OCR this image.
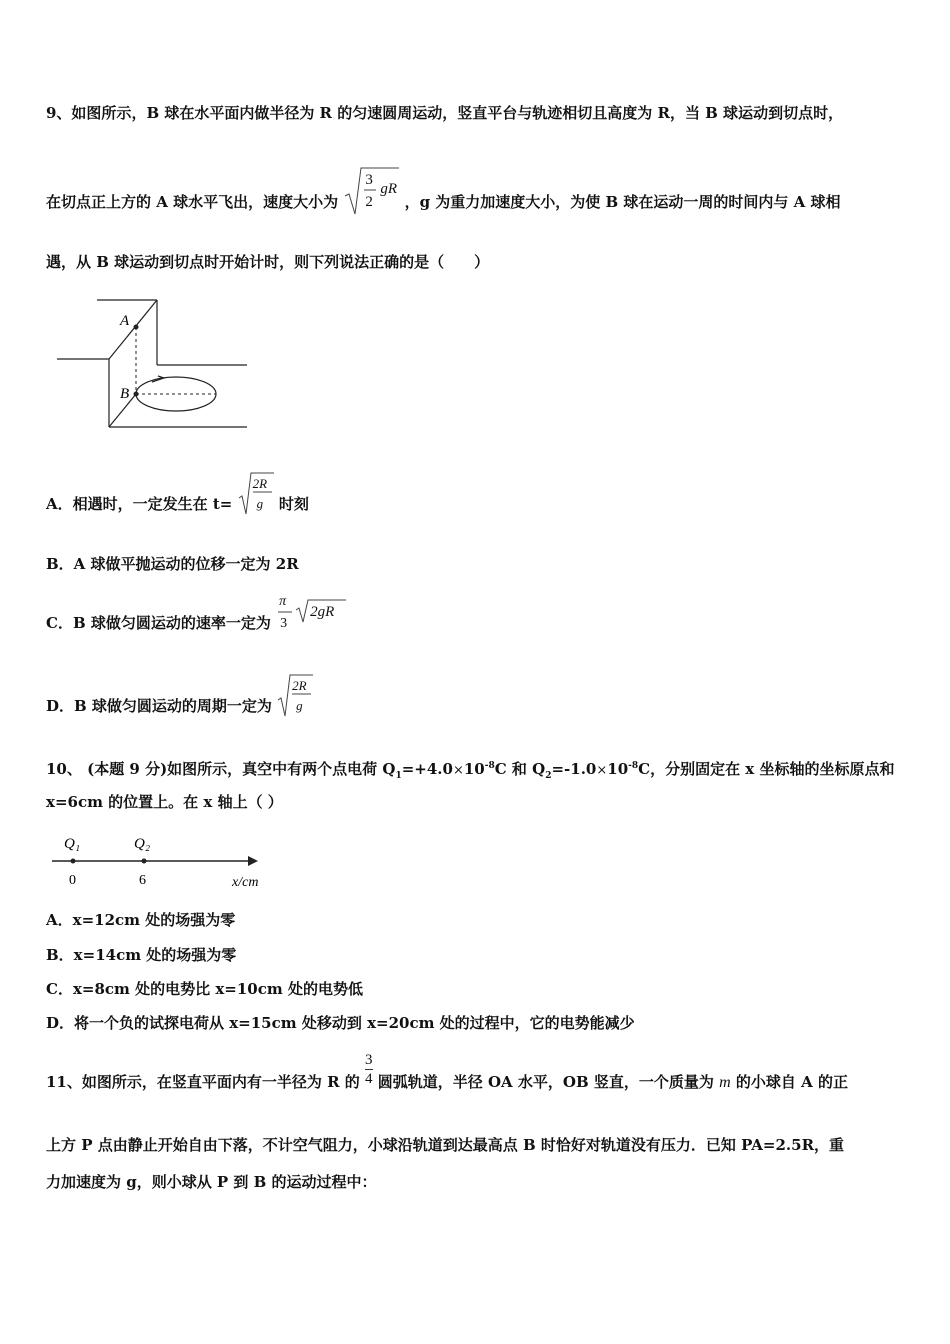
9、如图所示，B 球在水平面内做半径为 R 的匀速圆周运动，竖直平台与轨迹相切且高度为 R，当 B 球运动到切点时，
在切点正上方的 A 球水平飞出，速度大小为
3
2
gR
，g 为重力加速度大小，为使 B 球在运动一周的时间内与 A 球相
遇，从 B 球运动到切点时开始计时，则下列说法正确的是（　　）
A
B
A．相遇时，一定发生在 t=
2R
g 时刻
B．A 球做平抛运动的位移一定为 2R
C．B 球做匀圆运动的速率一定为
π
3
2gR
D．B 球做匀圆运动的周期一定为
2R
g
10、 (本题 9 分)如图所示，真空中有两个点电荷 $Q_1=+4.0\times 10^{-8}C$ 和 $Q_2=-1.0\times 10^{-8}C$，分别固定在 x 坐标轴的坐标原点和
x=6cm 的位置上。在 x 轴上（ ）
Q₁	Q₂
0	6	x/cm
A．x=12cm 处的场强为零
B．x=14cm 处的场强为零
C．x=8cm 处的电势比 x=10cm 处的电势低
D．将一个负的试探电荷从 x=15cm 处移动到 x=20cm 处的过程中，它的电势能减少
11、如图所示，在竖直平面内有一半径为 R 的 $\frac{3}{4}$ 圆弧轨道，半径 OA 水平，OB 竖直，一个质量为 m 的小球自 A 的正
上方 P 点由静止开始自由下落，不计空气阻力，小球沿轨道到达最高点 B 时恰好对轨道没有压力．已知 PA=2.5R，重
力加速度为 g，则小球从 P 到 B 的运动过程中：
